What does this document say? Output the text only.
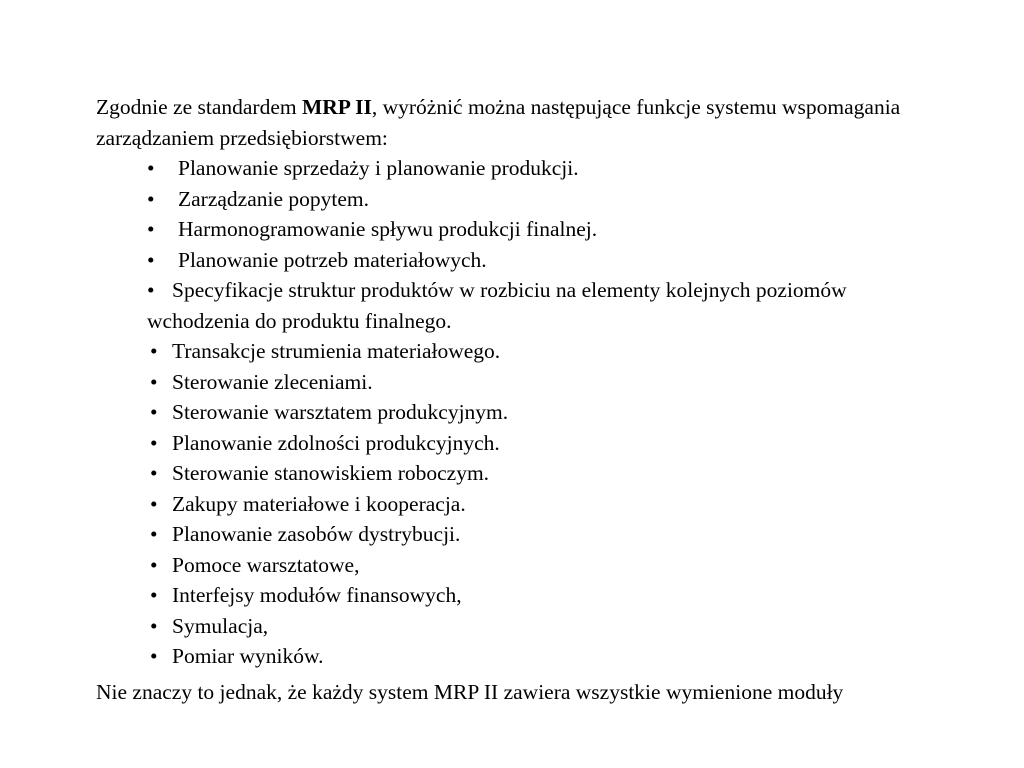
Zgodnie ze standardem MRP II, wyróżnić można następujące funkcje systemu wspomagania zarządzaniem przedsiębiorstwem:

• Planowanie sprzedaży i planowanie produkcji.
• Zarządzanie popytem.
• Harmonogramowanie spływu produkcji finalnej.
• Planowanie potrzeb materiałowych.
• Specyfikacje struktur produktów w rozbiciu na elementy kolejnych poziomów wchodzenia do produktu finalnego.
• Transakcje strumienia materiałowego.
• Sterowanie zleceniami.
• Sterowanie warsztatem produkcyjnym.
• Planowanie zdolności produkcyjnych.
• Sterowanie stanowiskiem roboczym.
• Zakupy materiałowe i kooperacja.
• Planowanie zasobów dystrybucji.
• Pomoce warsztatowe,
• Interfejsy modułów finansowych,
• Symulacja,
• Pomiar wyników.

Nie znaczy to jednak, że każdy system MRP II zawiera wszystkie wymienione moduły
